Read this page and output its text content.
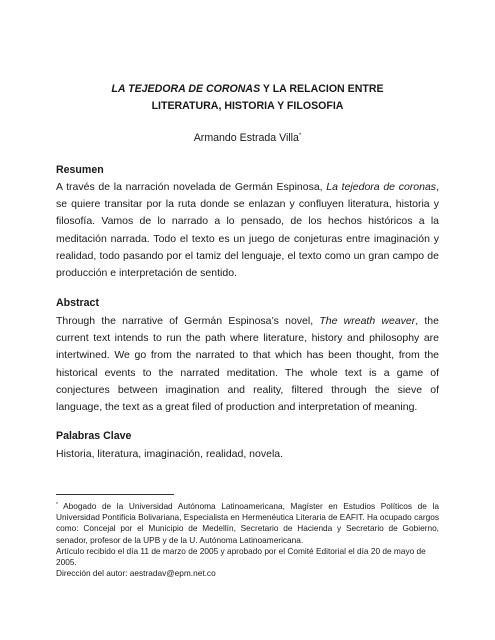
LA TEJEDORA DE CORONAS Y LA RELACION ENTRE
LITERATURA, HISTORIA Y FILOSOFIA
Armando Estrada Villa*
Resumen
A través de la narración novelada de Germán Espinosa, La tejedora de coronas, se quiere transitar por la ruta donde se enlazan y confluyen literatura, historia y filosofía. Vamos de lo narrado a lo pensado, de los hechos históricos a la meditación narrada. Todo el texto es un juego de conjeturas entre imaginación y realidad, todo pasando por el tamiz del lenguaje, el texto como un gran campo de producción e interpretación de sentido.
Abstract
Through the narrative of Germán Espinosa’s novel, The wreath weaver, the current text intends to run the path where literature, history and philosophy are intertwined. We go from the narrated to that which has been thought, from the historical events to the narrated meditation. The whole text is a game of conjectures between imagination and reality, filtered through the sieve of language, the text as a great filed of production and interpretation of meaning.
Palabras Clave
Historia, literatura, imaginación, realidad, novela.
* Abogado de la Universidad Autónoma Latinoamericana, Magíster en Estudios Políticos de la Universidad Pontificia Bolivariana, Especialista en Hermenéutica Literaria de EAFIT. Ha ocupado cargos como: Concejal por el Municipio de Medellín, Secretario de Hacienda y Secretario de Gobierno, senador, profesor de la UPB y de la U. Autónoma Latinoamericana.
Artículo recibido el día 11 de marzo de 2005 y aprobado por el Comité Editorial el día 20 de mayo de 2005.
Dirección del autor: aestradav@epm.net.co
